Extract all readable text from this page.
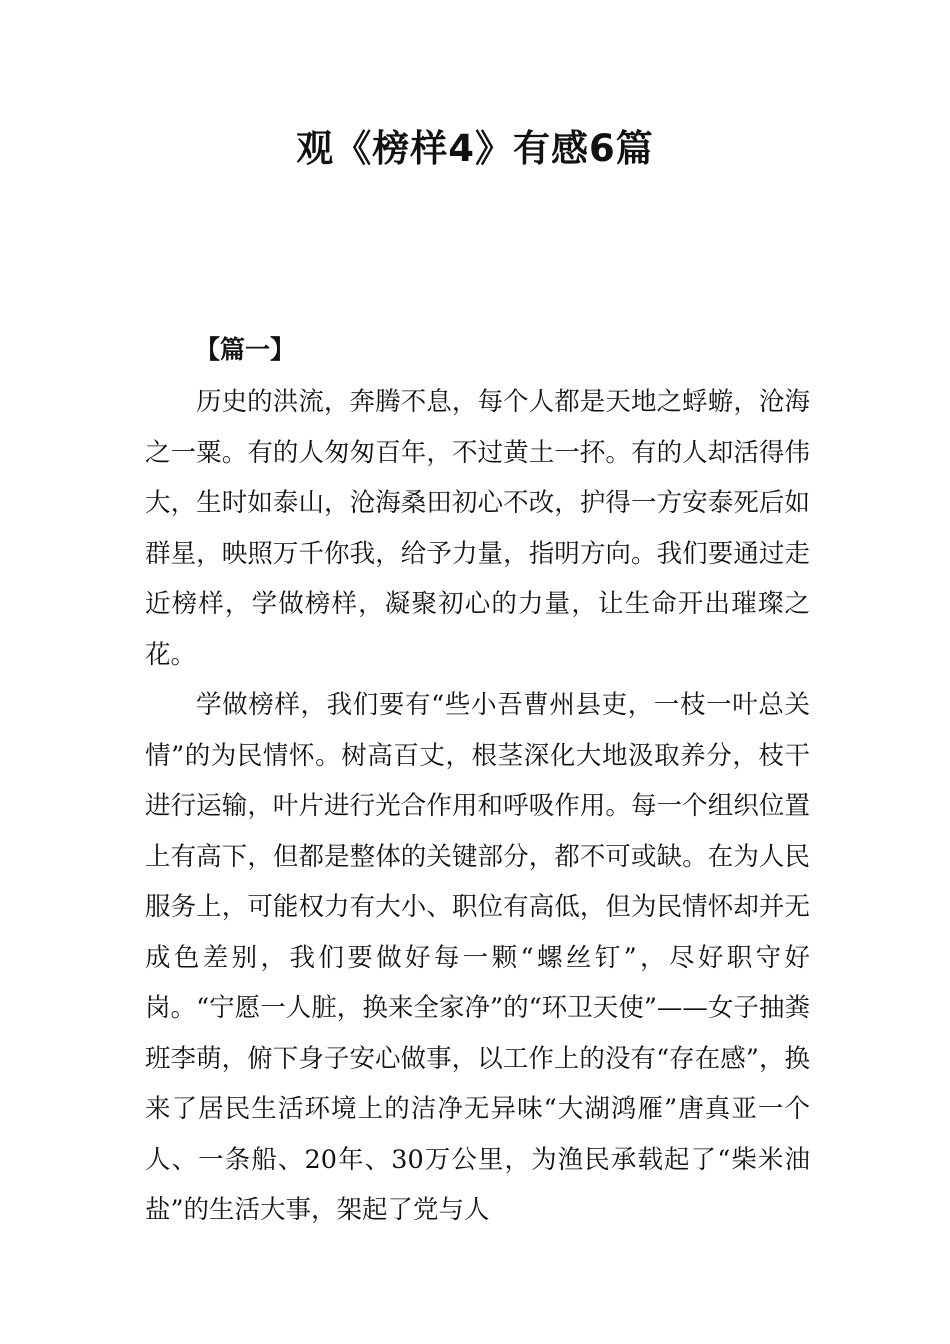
观《榜样4》有感6篇
【篇一】

历史的洪流，奔腾不息，每个人都是天地之蜉蝣，沧海之一粟。有的人匆匆百年，不过黄土一抔。有的人却活得伟大，生时如泰山，沧海桑田初心不改，护得一方安泰死后如群星，映照万千你我，给予力量，指明方向。我们要通过走近榜样，学做榜样，凝聚初心的力量，让生命开出璀璨之花。

学做榜样，我们要有“些小吾曹州县吏，一枝一叶总关情”的为民情怀。树高百丈，根茎深化大地汲取养分，枝干进行运输，叶片进行光合作用和呼吸作用。每一个组织位置上有高下，但都是整体的关键部分，都不可或缺。在为人民服务上，可能权力有大小、职位有高低，但为民情怀却并无成色差别，我们要做好每一颗“螺丝钉”，尽好职守好岗。“宁愿一人脏，换来全家净”的“环卫天使”——女子抽粪班李萌，俯下身子安心做事，以工作上的没有“存在感”，换来了居民生活环境上的洁净无异味“大湖鸿雁”唐真亚一个人、一条船、20年、30万公里，为渔民承载起了“柴米油盐”的生活大事，架起了党与人
